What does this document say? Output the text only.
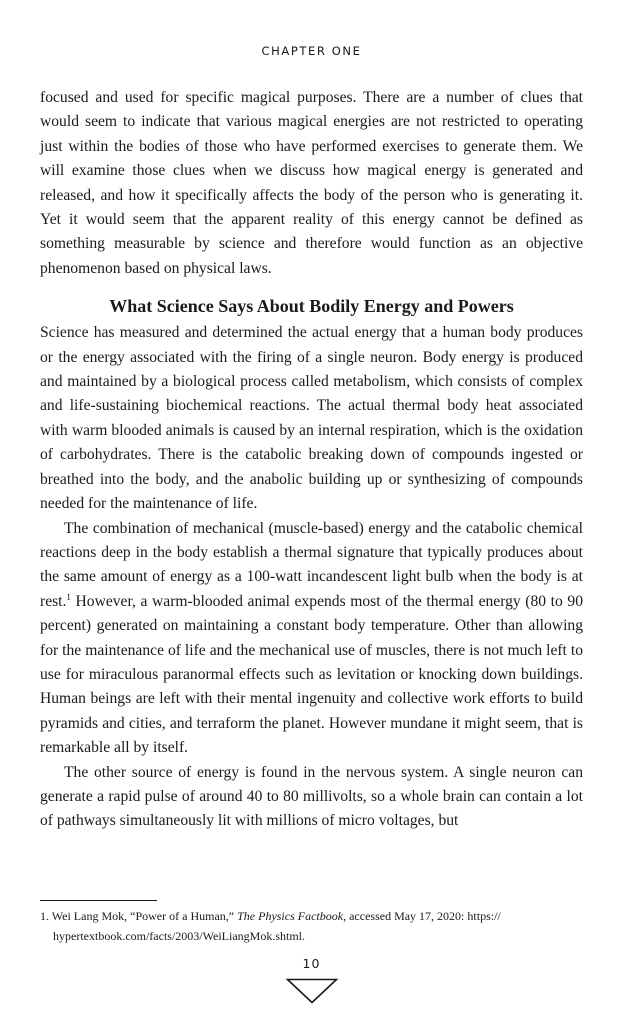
CHAPTER ONE

focused and used for specific magical purposes. There are a number of clues that would seem to indicate that various magical energies are not restricted to operating just within the bodies of those who have performed exercises to generate them. We will examine those clues when we discuss how magical energy is generated and released, and how it specifically affects the body of the person who is generating it. Yet it would seem that the apparent reality of this energy cannot be defined as something measurable by science and therefore would function as an objective phenomenon based on physical laws.

What Science Says About Bodily Energy and Powers

Science has measured and determined the actual energy that a human body produces or the energy associated with the firing of a single neuron. Body energy is produced and maintained by a biological process called metabolism, which consists of complex and life-sustaining biochemical reactions. The actual thermal body heat associated with warm blooded animals is caused by an internal respiration, which is the oxidation of carbohydrates. There is the catabolic breaking down of compounds ingested or breathed into the body, and the anabolic building up or synthesizing of compounds needed for the maintenance of life.

The combination of mechanical (muscle-based) energy and the catabolic chemical reactions deep in the body establish a thermal signature that typically produces about the same amount of energy as a 100-watt incandescent light bulb when the body is at rest.$^1$ However, a warm-blooded animal expends most of the thermal energy (80 to 90 percent) generated on maintaining a constant body temperature. Other than allowing for the maintenance of life and the mechanical use of muscles, there is not much left to use for miraculous paranormal effects such as levitation or knocking down buildings. Human beings are left with their mental ingenuity and collective work efforts to build pyramids and cities, and terraform the planet. However mundane it might seem, that is remarkable all by itself.

The other source of energy is found in the nervous system. A single neuron can generate a rapid pulse of around 40 to 80 millivolts, so a whole brain can contain a lot of pathways simultaneously lit with millions of micro voltages, but

1. Wei Lang Mok, “Power of a Human,” The Physics Factbook, accessed May 17, 2020: https://
hypertextbook.com/facts/2003/WeiLiangMok.shtml.
10
